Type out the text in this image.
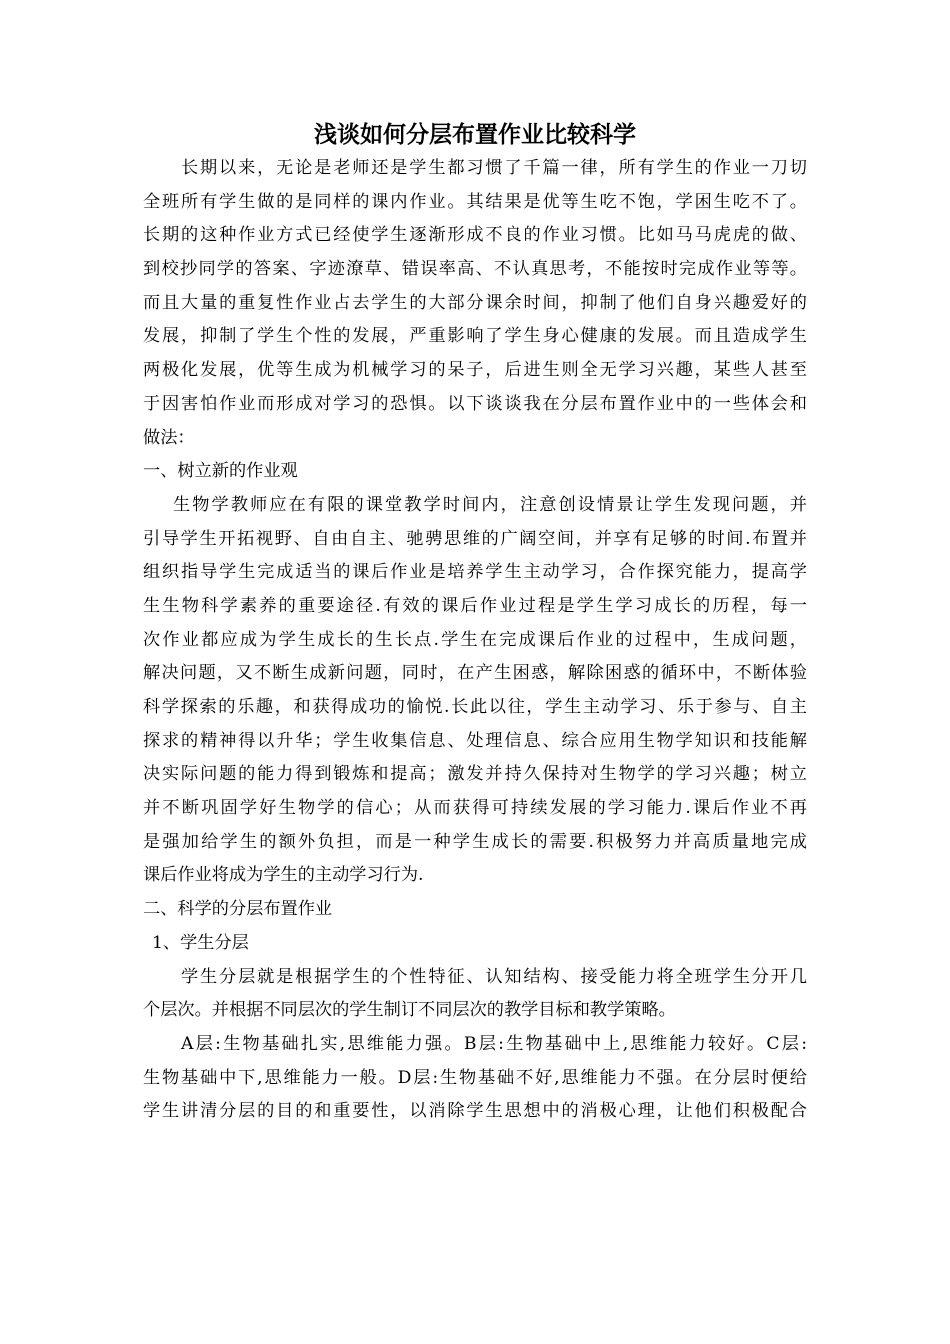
浅谈如何分层布置作业比较科学
长期以来，无论是老师还是学生都习惯了千篇一律，所有学生的作业一刀切
全班所有学生做的是同样的课内作业。其结果是优等生吃不饱，学困生吃不了。
长期的这种作业方式已经使学生逐渐形成不良的作业习惯。比如马马虎虎的做、
到校抄同学的答案、字迹潦草、错误率高、不认真思考，不能按时完成作业等等。
而且大量的重复性作业占去学生的大部分课余时间，抑制了他们自身兴趣爱好的
发展，抑制了学生个性的发展，严重影响了学生身心健康的发展。而且造成学生
两极化发展，优等生成为机械学习的呆子，后进生则全无学习兴趣，某些人甚至
于因害怕作业而形成对学习的恐惧。以下谈谈我在分层布置作业中的一些体会和
做法：
一、树立新的作业观
生物学教师应在有限的课堂教学时间内，注意创设情景让学生发现问题，并
引导学生开拓视野、自由自主、驰骋思维的广阔空间，并享有足够的时间.布置并
组织指导学生完成适当的课后作业是培养学生主动学习，合作探究能力，提高学
生生物科学素养的重要途径.有效的课后作业过程是学生学习成长的历程，每一
次作业都应成为学生成长的生长点.学生在完成课后作业的过程中，生成问题，
解决问题，又不断生成新问题，同时，在产生困惑，解除困惑的循环中，不断体验
科学探索的乐趣，和获得成功的愉悦.长此以往，学生主动学习、乐于参与、自主
探求的精神得以升华；学生收集信息、处理信息、综合应用生物学知识和技能解
决实际问题的能力得到锻炼和提高；激发并持久保持对生物学的学习兴趣；树立
并不断巩固学好生物学的信心；从而获得可持续发展的学习能力.课后作业不再
是强加给学生的额外负担，而是一种学生成长的需要.积极努力并高质量地完成
课后作业将成为学生的主动学习行为.
二、科学的分层布置作业
1、学生分层
学生分层就是根据学生的个性特征、认知结构、接受能力将全班学生分开几
个层次。并根据不同层次的学生制订不同层次的教学目标和教学策略。
A层:生物基础扎实,思维能力强。B层:生物基础中上,思维能力较好。C层:
生物基础中下,思维能力一般。D层:生物基础不好,思维能力不强。在分层时便给
学生讲清分层的目的和重要性，以消除学生思想中的消极心理，让他们积极配合
